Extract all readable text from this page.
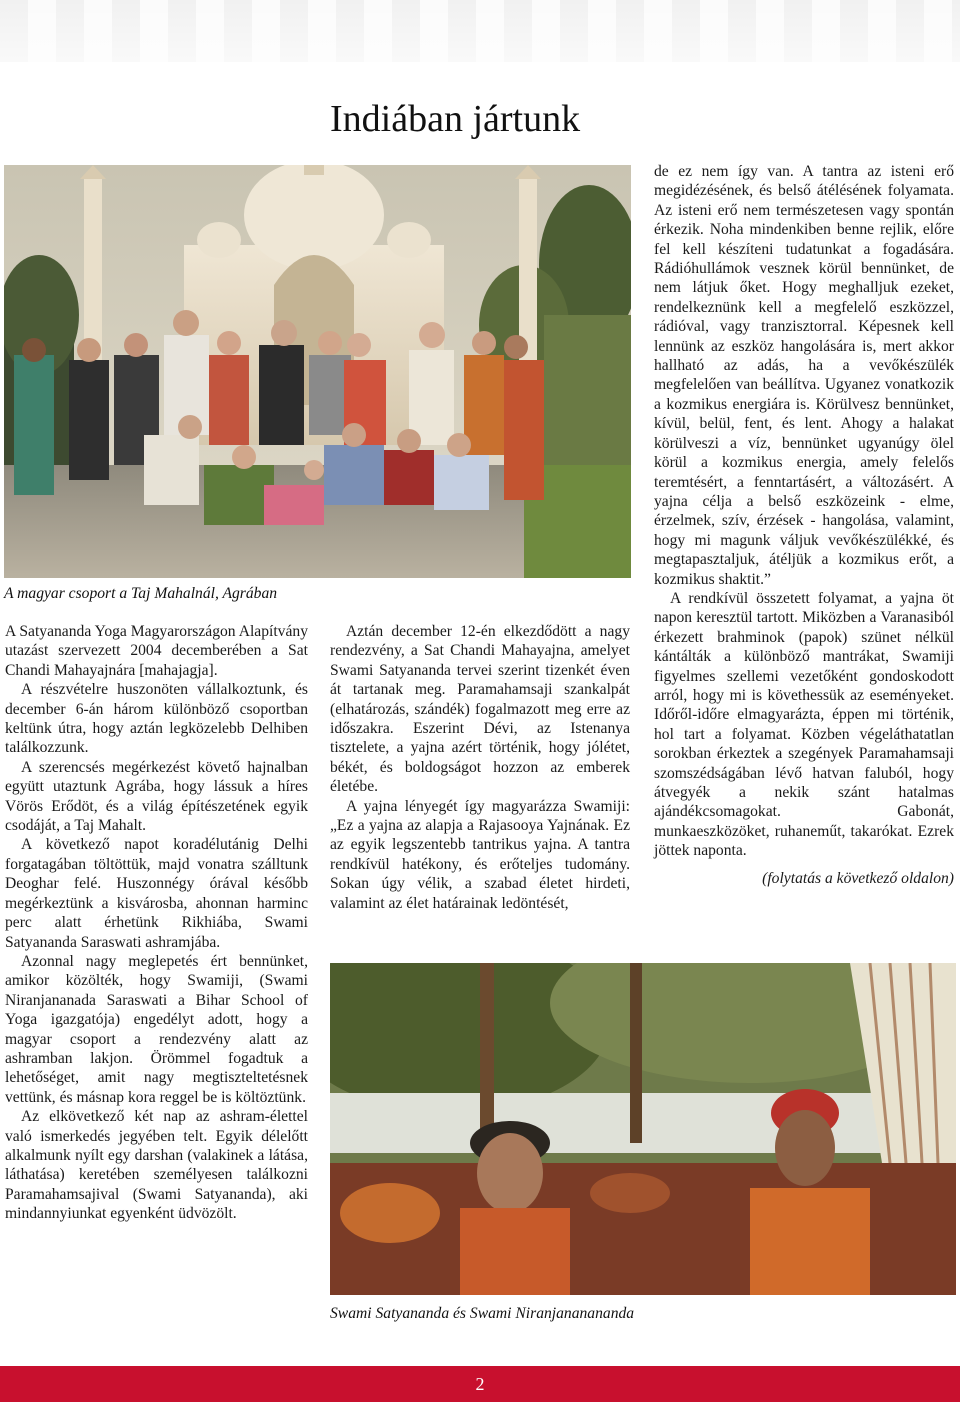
Indiában jártunk
A magyar csoport a Taj Mahalnál, Agrában

A Satyananda Yoga Magyarországon Alapítvány utazást szervezett 2004 decemberében a Sat Chandi Mahayajnára [mahajagja].

A részvételre huszonöten vállalkoztunk, és december 6-án három különböző csoportban keltünk útra, hogy aztán legközelebb Delhiben találkozzunk.

A szerencsés megérkezést követő hajnalban együtt utaztunk Agrába, hogy lássuk a híres Vörös Erődöt, és a világ építészetének egyik csodáját, a Taj Mahalt.

A következő napot koradélutánig Delhi forgatagában töltöttük, majd vonatra szálltunk Deoghar felé. Huszonnégy órával később megérkeztünk a kisvárosba, ahonnan harminc perc alatt érhetünk Rikhiába, Swami Satyananda Saraswati ashramjába.

Azonnal nagy meglepetés ért bennünket, amikor közölték, hogy Swamiji, (Swami Niranjananada Saraswati a Bihar School of Yoga igazgatója) engedélyt adott, hogy a magyar csoport a rendezvény alatt az ashramban lakjon. Örömmel fogadtuk a lehetőséget, amit nagy megtiszteltetésnek vettünk, és másnap kora reggel be is költöztünk.

Az elkövetkező két nap az ashram-élettel való ismerkedés jegyében telt. Egyik délelőtt alkalmunk nyílt egy darshan (valakinek a látása, láthatása) keretében személyesen találkozni Paramahamsajival (Swami Satyananda), aki mindannyiunkat egyenként üdvözölt.

Aztán december 12-én elkezdődött a nagy rendezvény, a Sat Chandi Mahayajna, amelyet Swami Satyananda tervei szerint tizenkét éven át tartanak meg. Paramahamsaji szankalpát (elhatározás, szándék) fogalmazott meg erre az időszakra. Eszerint Dévi, az Istenanya tisztelete, a yajna azért történik, hogy jólétet, békét, és boldogságot hozzon az emberek életébe.

A yajna lényegét így magyarázza Swamiji: „Ez a yajna az alapja a Rajasooya Yajnának. Ez az egyik legszentebb tantrikus yajna. A tantra rendkívül hatékony, és erőteljes tudomány. Sokan úgy vélik, a szabad életet hirdeti, valamint az élet határainak ledöntését,

de ez nem így van. A tantra az isteni erő megidézésének, és belső átélésének folyamata. Az isteni erő nem természetesen vagy spontán érkezik. Noha mindenkiben benne rejlik, előre fel kell készíteni tudatunkat a fogadására. Rádióhullámok vesznek körül bennünket, de nem látjuk őket. Hogy meghalljuk ezeket, rendelkeznünk kell a megfelelő eszközzel, rádióval, vagy tranzisztorral. Képesnek kell lennünk az eszköz hangolására is, mert akkor hallható az adás, ha a vevőkészülék megfelelően van beállítva. Ugyanez vonatkozik a kozmikus energiára is. Körülvesz bennünket, kívül, belül, fent, és lent. Ahogy a halakat körülveszi a víz, bennünket ugyanúgy ölel körül a kozmikus energia, amely felelős teremtésért, a fenntartásért, a változásért. A yajna célja a belső eszközeink - elme, érzelmek, szív, érzések - hangolása, valamint, hogy mi magunk váljuk vevőkészülékké, és megtapasztaljuk, átéljük a kozmikus erőt, a kozmikus shaktit.”

A rendkívül összetett folyamat, a yajna öt napon keresztül tartott. Miközben a Varanasiból érkezett brahminok (papok) szünet nélkül kántálták a különböző mantrákat, Swamiji figyelmes szellemi vezetőként gondoskodott arról, hogy mi is követhessük az eseményeket. Időről-időre elmagyarázta, éppen mi történik, hol tart a folyamat. Közben végeláthatatlan sorokban érkeztek a szegények Paramahamsaji szomszédságában lévő hatvan faluból, hogy átvegyék a nekik szánt hatalmas ajándékcsomagokat. Gabonát, munkaeszközöket, ruhaneműt, takarókat. Ezrek jöttek naponta.

(folytatás a következő oldalon)

Swami Satyananda és Swami Niranjananananda
2
